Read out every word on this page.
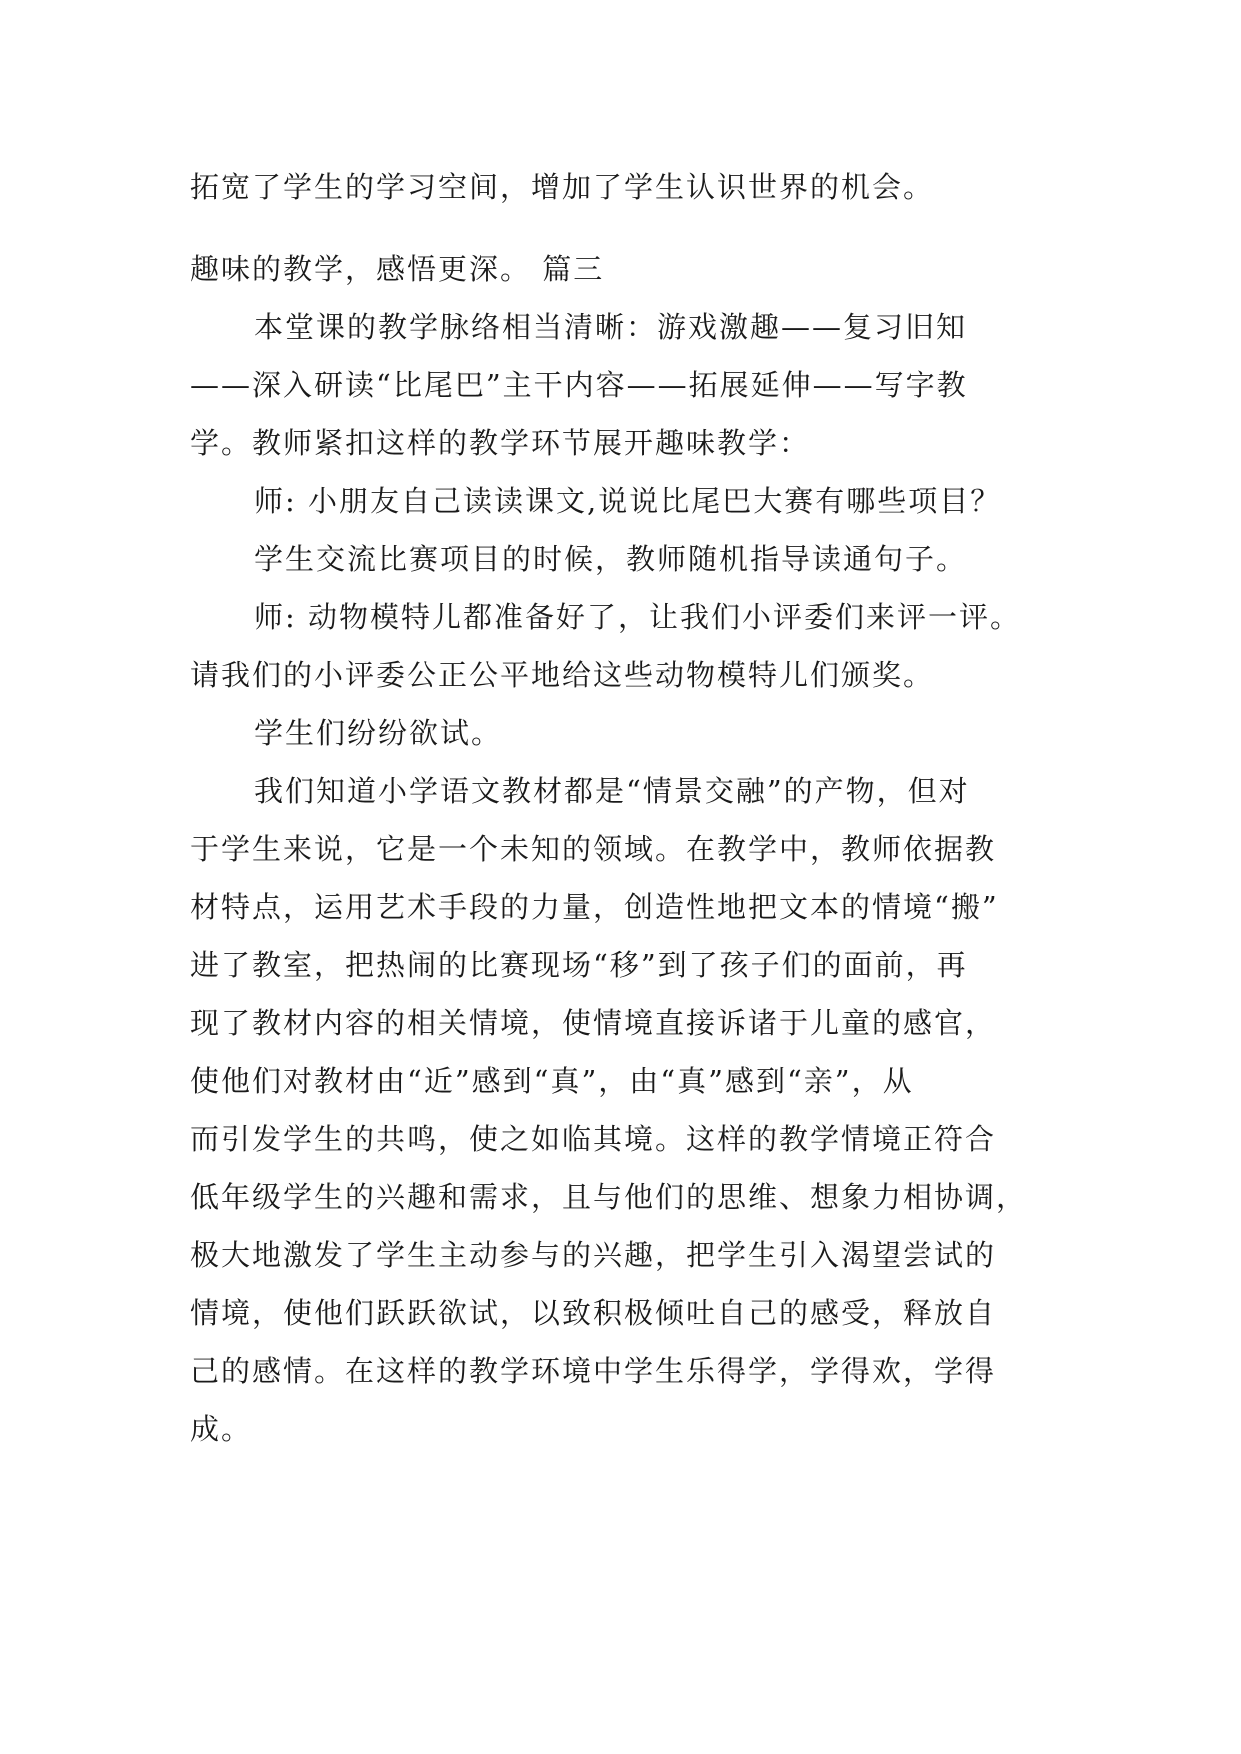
拓宽了学生的学习空间，增加了学生认识世界的机会。
趣味的教学，感悟更深。 篇三
本堂课的教学脉络相当清晰：游戏激趣——复习旧知
——深入研读“比尾巴”主干内容——拓展延伸——写字教
学。教师紧扣这样的教学环节展开趣味教学：
师: 小朋友自己读读课文,说说比尾巴大赛有哪些项目？
学生交流比赛项目的时候，教师随机指导读通句子。
师: 动物模特儿都准备好了，让我们小评委们来评一评。
请我们的小评委公正公平地给这些动物模特儿们颁奖。
学生们纷纷欲试。
我们知道小学语文教材都是“情景交融”的产物，但对
于学生来说，它是一个未知的领域。在教学中，教师依据教
材特点，运用艺术手段的力量，创造性地把文本的情境“搬”
进了教室，把热闹的比赛现场“移”到了孩子们的面前，再
现了教材内容的相关情境，使情境直接诉诸于儿童的感官，
使他们对教材由“近”感到“真”，由“真”感到“亲”，从
而引发学生的共鸣，使之如临其境。这样的教学情境正符合
低年级学生的兴趣和需求，且与他们的思维、想象力相协调，
极大地激发了学生主动参与的兴趣，把学生引入渴望尝试的
情境，使他们跃跃欲试，以致积极倾吐自己的感受，释放自
己的感情。在这样的教学环境中学生乐得学，学得欢，学得
成。
